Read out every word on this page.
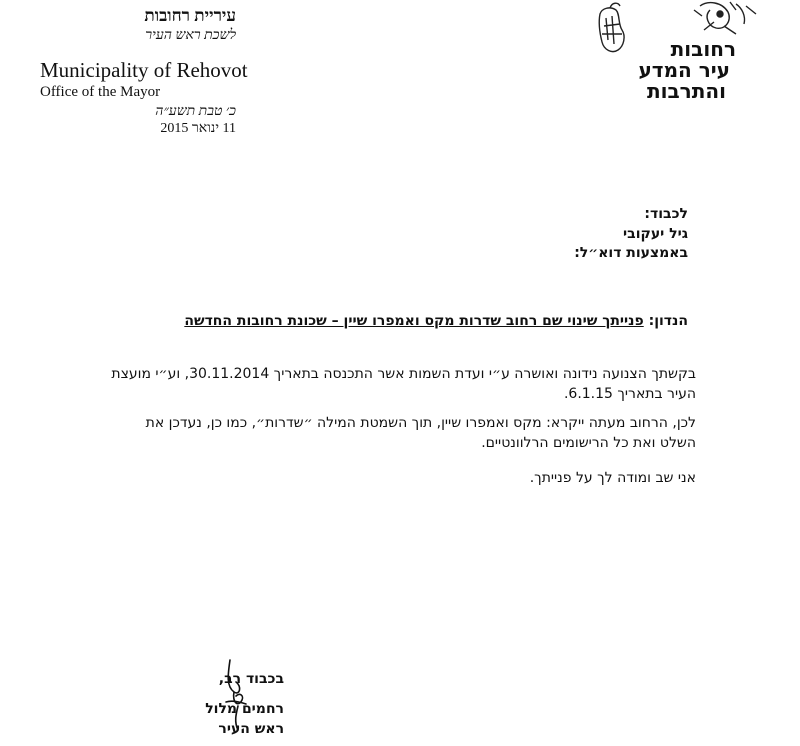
עיריית רחובות
לשכת ראש העיר
Municipality of Rehovot
Office of the Mayor
כ׳ טבת תשע״ה
11 ינואר 2015
רחובות
עיר המדע
והתרבות
לכבוד:
גיל יעקובי
באמצעות דוא״ל:
הנדון: פנייתך שינוי שם רחוב שדרות מקס ואמפרו שיין – שכונת רחובות החדשה
בקשתך הצנועה נידונה ואושרה ע״י ועדת השמות אשר התכנסה בתאריך 30.11.2014, וע״י מועצת העיר בתאריך 6.1.15.
לכן, הרחוב מעתה ייקרא: מקס ואמפרו שיין, תוך השמטת המילה ״שדרות״, כמו כן, נעדכן את השלט ואת כל הרישומים הרלוונטיים.
אני שב ומודה לך על פנייתך.
בכבוד רב,
רחמים מלול
ראש העיר
